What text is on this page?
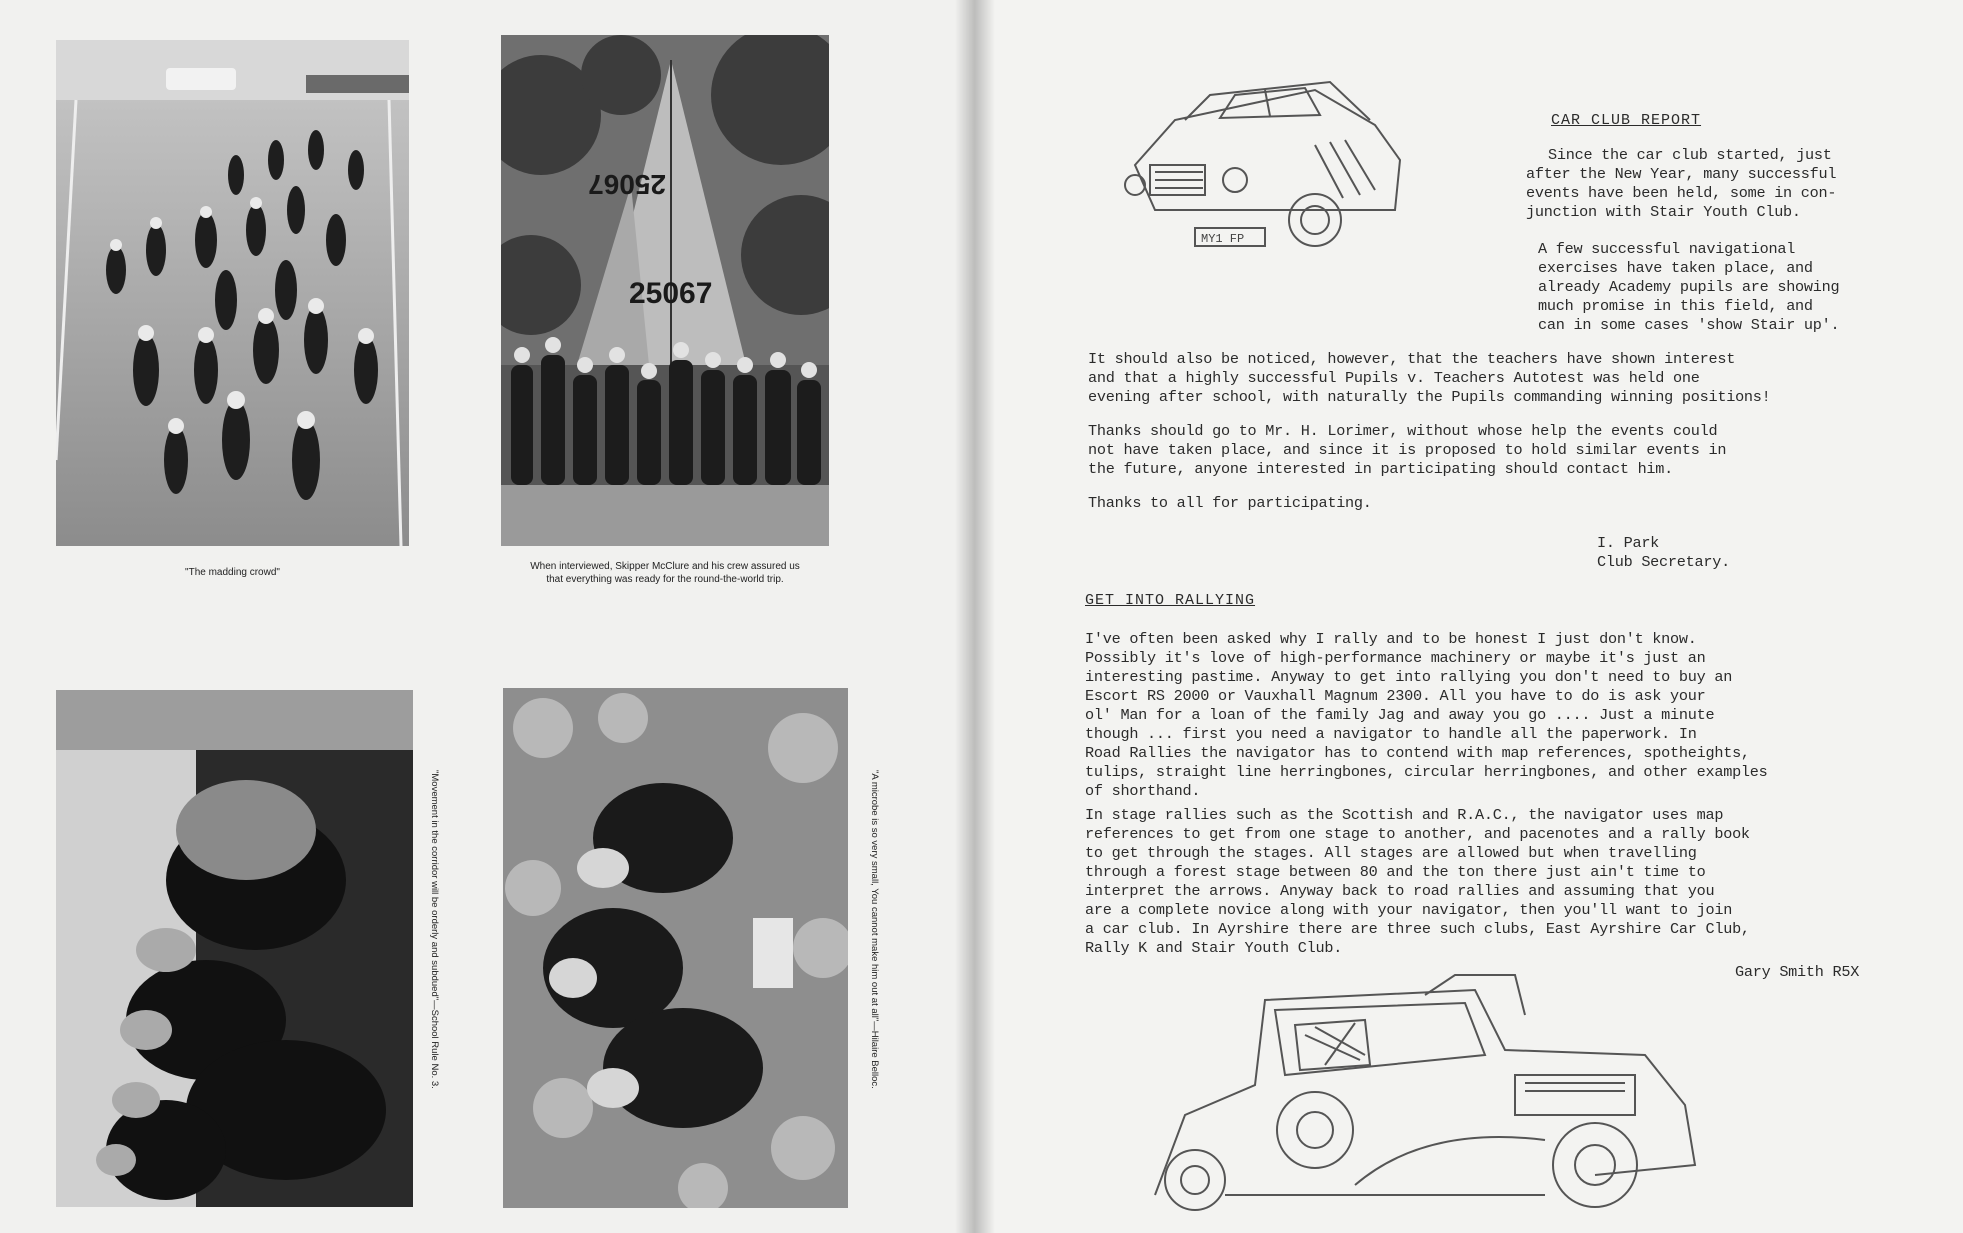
"The madding crowd"
25067
25067
When interviewed, Skipper McClure and his crew assured us
that everything was ready for the round-the-world trip.
"Movement in the corridor will be orderly and subdued"—School Rule No. 3.	"A microbe is so very small, You cannot make him out at all"—Hilaire Belloc.
MY1 FP
CAR CLUB REPORT
Since the car club started, just
after the New Year, many successful
events have been held, some in con-
junction with Stair Youth Club.
A few successful navigational
exercises have taken place, and
already Academy pupils are showing
much promise in this field, and
can in some cases 'show Stair up'.
It should also be noticed, however, that the teachers have shown interest
and that a highly successful Pupils v. Teachers Autotest was held one
evening after school, with naturally the Pupils commanding winning positions!
Thanks should go to Mr. H. Lorimer, without whose help the events could
not have taken place, and since it is proposed to hold similar events in
the future, anyone interested in participating should contact him.
Thanks to all for participating.
I. Park
Club Secretary.
GET INTO RALLYING
I've often been asked why I rally and to be honest I just don't know.
Possibly it's love of high-performance machinery or maybe it's just an
interesting pastime. Anyway to get into rallying you don't need to buy an
Escort RS 2000 or Vauxhall Magnum 2300. All you have to do is ask your
ol' Man for a loan of the family Jag and away you go .... Just a minute
though ... first you need a navigator to handle all the paperwork. In
Road Rallies the navigator has to contend with map references, spotheights,
tulips, straight line herringbones, circular herringbones, and other examples
of shorthand.
In stage rallies such as the Scottish and R.A.C., the navigator uses map
references to get from one stage to another, and pacenotes and a rally book
to get through the stages. All stages are allowed but when travelling
through a forest stage between 80 and the ton there just ain't time to
interpret the arrows. Anyway back to road rallies and assuming that you
are a complete novice along with your navigator, then you'll want to join
a car club. In Ayrshire there are three such clubs, East Ayrshire Car Club,
Rally K and Stair Youth Club.
Gary Smith R5X
